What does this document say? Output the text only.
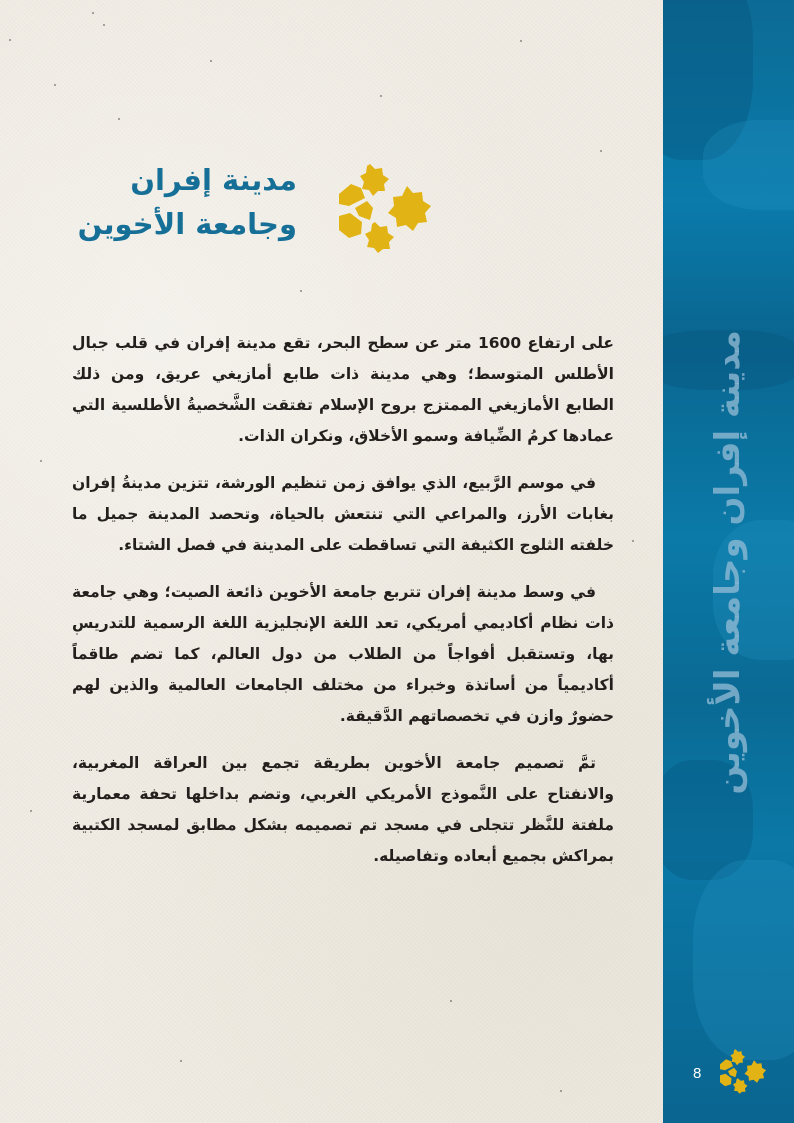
مدينة إفران
وجامعة الأخوين

على ارتفاع 1600 متر عن سطح البحر، تقع مدينة إفران في قلب جبال الأطلس المتوسط؛ وهي مدينة ذات طابع أمازيغي عريق، ومن ذلك الطابع الأمازيغي الممتزج بروح الإسلام تفتقت الشَّخصيةُ الأطلسية التي عمادها كرمُ الضِّيافة وسمو الأخلاق، ونكران الذات.

في موسم الرَّبيع، الذي يوافق زمن تنظيم الورشة، تتزين مدينةُ إفران بغابات الأرز، والمراعي التي تنتعش بالحياة، وتحصد المدينة جميل ما خلفته الثلوج الكثيفة التي تساقطت على المدينة في فصل الشتاء.

في وسط مدينة إفران تتربع جامعة الأخوين ذائعة الصيت؛ وهي جامعة ذات نظام أكاديمي أمريكي، تعد اللغة الإنجليزية اللغة الرسمية للتدريس بها، وتستقبل أفواجاً من الطلاب من دول العالم، كما تضم طاقماً أكاديمياً من أساتذة وخبراء من مختلف الجامعات العالمية والذين لهم حضورٌ وازن في تخصصاتهم الدَّقيقة.

تمَّ تصميم جامعة الأخوين بطريقة تجمع بين العراقة المغربية، والانفتاح على النَّموذج الأمريكي الغربي، وتضم بداخلها تحفة معمارية ملفتة للنَّظر تتجلى في مسجد تم تصميمه بشكل مطابق لمسجد الكتبية بمراكش بجميع أبعاده وتفاصيله.

مدينة إفران وجامعة الأخوين
8
